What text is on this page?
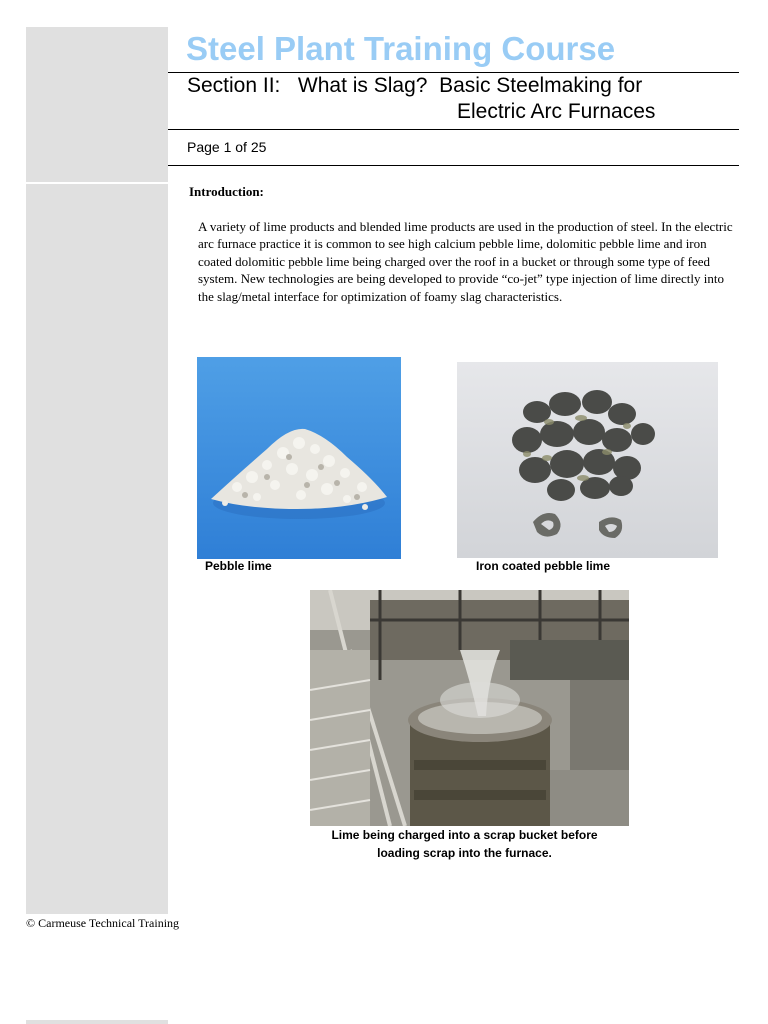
Steel Plant Training Course
Section II:   What is Slag?  Basic Steelmaking for
Electric Arc Furnaces
Page 1 of 25
Introduction:
A variety of lime products and blended lime products are used in the production of steel. In the electric arc furnace practice it is common to see high calcium pebble lime, dolomitic pebble lime and iron coated dolomitic pebble lime being charged over the roof in a bucket or through some type of feed system. New technologies are being developed to provide “co-jet” type injection of lime directly into the slag/metal interface for optimization of foamy slag characteristics.
Pebble lime	Iron coated pebble lime
Lime being charged into a scrap bucket before
loading scrap into the furnace.
© Carmeuse Technical Training
